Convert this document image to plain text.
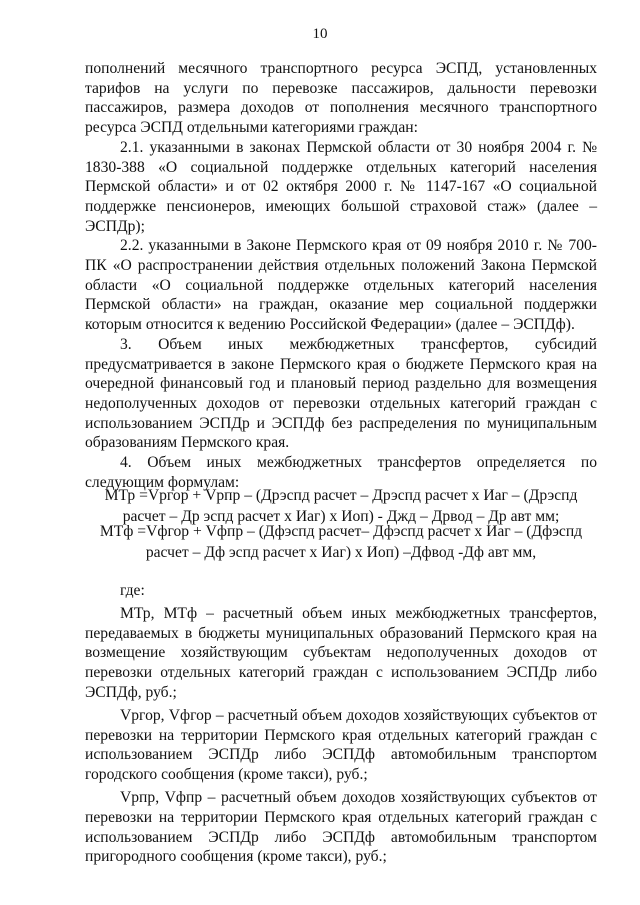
10

пополнений месячного транспортного ресурса ЭСПД, установленных тарифов на услуги по перевозке пассажиров, дальности перевозки пассажиров, размера доходов от пополнения месячного транспортного ресурса ЭСПД отдельными категориями граждан:

2.1. указанными в законах Пермской области от 30 ноября 2004 г. № 1830-388 «О социальной поддержке отдельных категорий населения Пермской области» и от 02 октября 2000 г. № 1147-167 «О социальной поддержке пенсионеров, имеющих большой страховой стаж» (далее – ЭСПДр);

2.2. указанными в Законе Пермского края от 09 ноября 2010 г. № 700-ПК «О распространении действия отдельных положений Закона Пермской области «О социальной поддержке отдельных категорий населения Пермской области» на граждан, оказание мер социальной поддержки которым относится к ведению Российской Федерации» (далее – ЭСПДф).

3. Объем иных межбюджетных трансфертов, субсидий предусматривается в законе Пермского края о бюджете Пермского края на очередной финансовый год и плановый период раздельно для возмещения недополученных доходов от перевозки отдельных категорий граждан с использованием ЭСПДр и ЭСПДф без распределения по муниципальным образованиям Пермского края.

4. Объем иных межбюджетных трансфертов определяется по следующим формулам:

МТр =Vргор + Vрпр – (Дрэспд расчет – Дрэспд расчет х Иаг – (Дрэспд расчет – Др эспд расчет х Иаг) х Иоп) - Джд – Дрвод – Др авт мм;
МТф =Vфгор + Vфпр – (Дфэспд расчет– Дфэспд расчет х Иаг – (Дфэспд расчет – Дф эспд расчет х Иаг) х Иоп) –Дфвод -Дф авт мм,

где:

МТр, МТф – расчетный объем иных межбюджетных трансфертов, передаваемых в бюджеты муниципальных образований Пермского края на возмещение хозяйствующим субъектам недополученных доходов от перевозки отдельных категорий граждан с использованием ЭСПДр либо ЭСПДф, руб.;

Vргор, Vфгор – расчетный объем доходов хозяйствующих субъектов от перевозки на территории Пермского края отдельных категорий граждан с использованием ЭСПДр либо ЭСПДф автомобильным транспортом городского сообщения (кроме такси), руб.;

Vрпр, Vфпр – расчетный объем доходов хозяйствующих субъектов от перевозки на территории Пермского края отдельных категорий граждан с использованием ЭСПДр либо ЭСПДф автомобильным транспортом пригородного сообщения (кроме такси), руб.;
